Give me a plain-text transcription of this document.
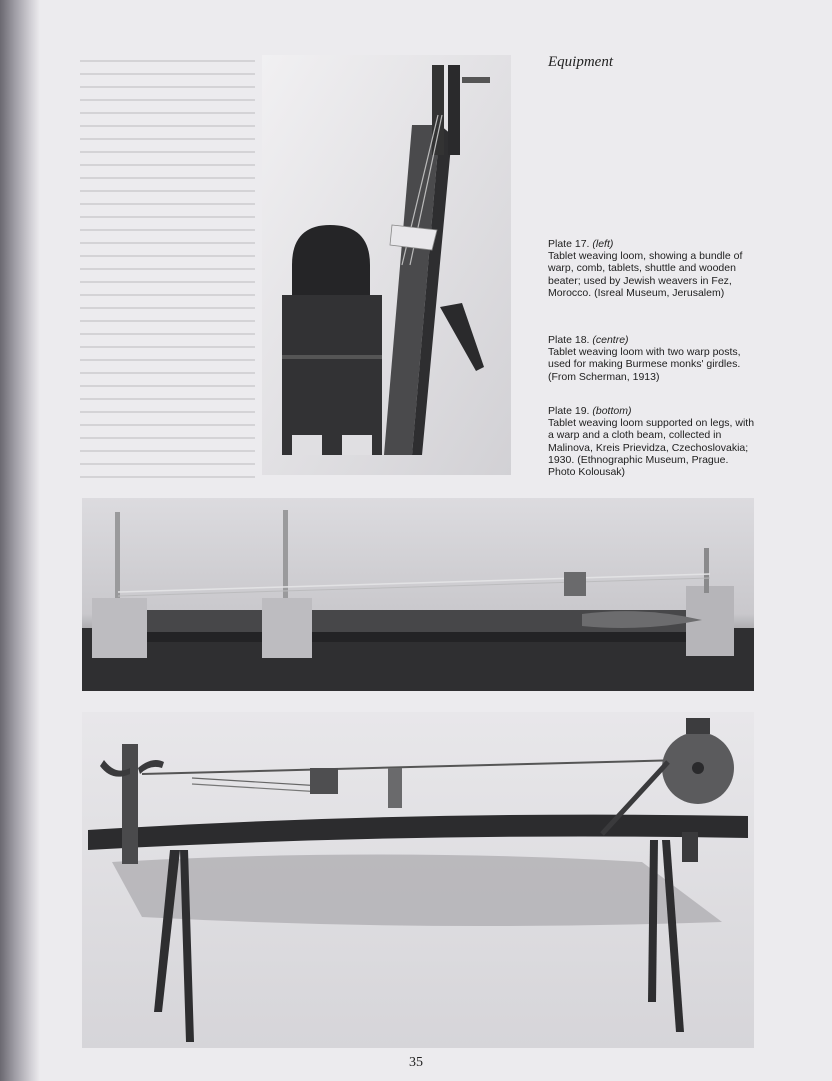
Equipment
Plate 17. (left)
Tablet weaving loom, showing a bundle of warp, comb, tablets, shuttle and wooden beater; used by Jewish weavers in Fez, Morocco. (Isreal Museum, Jerusalem)
Plate 18. (centre)
Tablet weaving loom with two warp posts, used for making Burmese monks' girdles. (From Scherman, 1913)
Plate 19. (bottom)
Tablet weaving loom supported on legs, with a warp and a cloth beam, collected in Malinova, Kreis Prievidza, Czechoslovakia; 1930. (Ethnographic Museum, Prague. Photo Kolousak)
35
